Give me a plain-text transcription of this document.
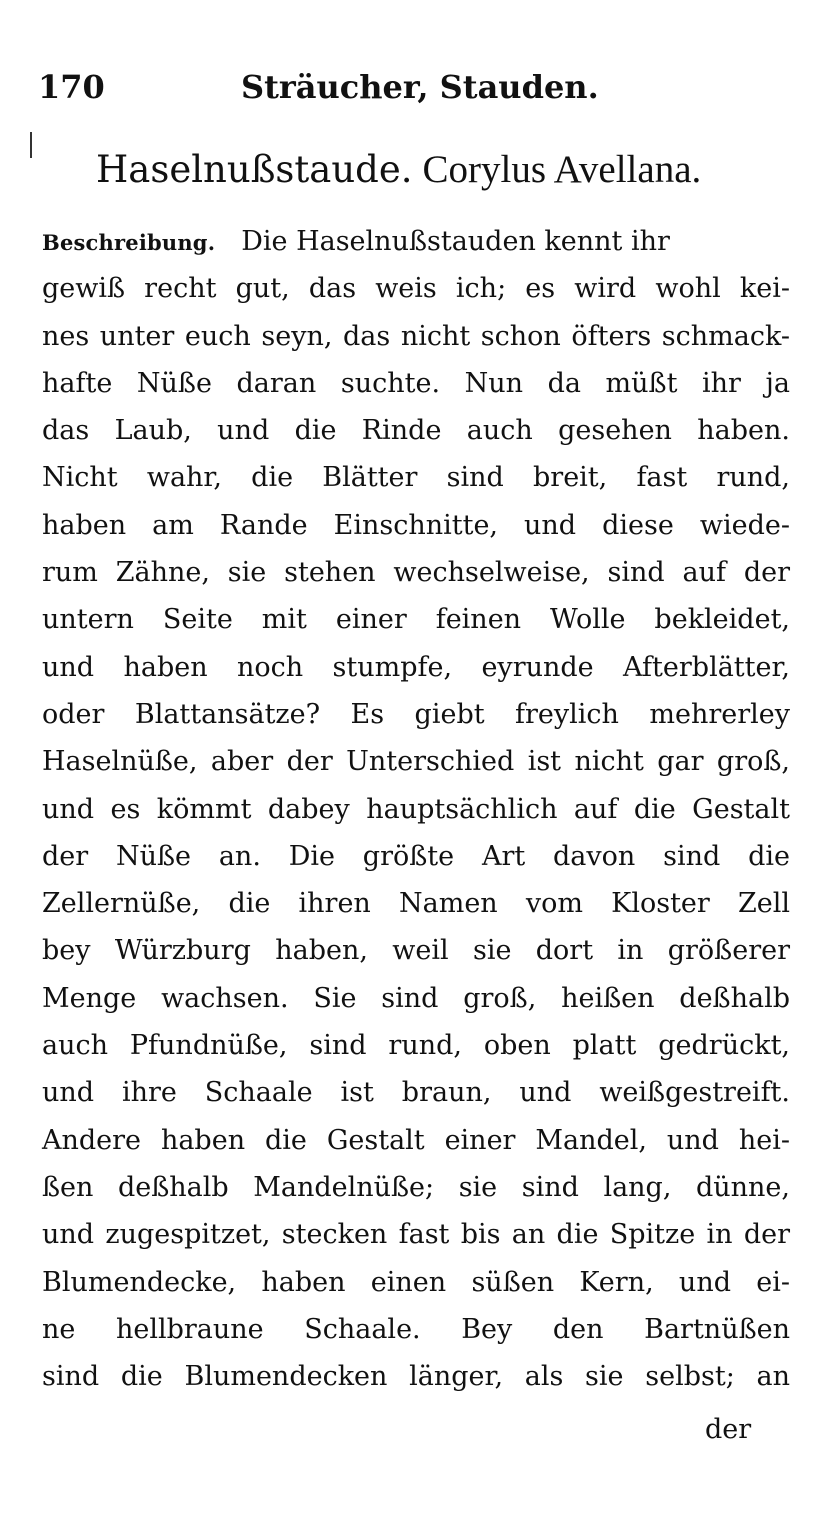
170	Sträucher, Stauden.
Haselnußstaude. Corylus Avellana.
Beschreibung. Die Haselnußstauden kennt ihr
gewiß recht gut, das weis ich; es wird wohl kei-
nes unter euch seyn, das nicht schon öfters schmack-
hafte Nüße daran suchte. Nun da müßt ihr ja
das Laub, und die Rinde auch gesehen haben.
Nicht wahr, die Blätter sind breit, fast rund,
haben am Rande Einschnitte, und diese wiede-
rum Zähne, sie stehen wechselweise, sind auf der
untern Seite mit einer feinen Wolle bekleidet,
und haben noch stumpfe, eyrunde Afterblätter,
oder Blattansätze? Es giebt freylich mehrerley
Haselnüße, aber der Unterschied ist nicht gar groß,
und es kömmt dabey hauptsächlich auf die Gestalt
der Nüße an. Die größte Art davon sind die
Zellernüße, die ihren Namen vom Kloster Zell
bey Würzburg haben, weil sie dort in größerer
Menge wachsen. Sie sind groß, heißen deßhalb
auch Pfundnüße, sind rund, oben platt gedrückt,
und ihre Schaale ist braun, und weißgestreift.
Andere haben die Gestalt einer Mandel, und hei-
ßen deßhalb Mandelnüße; sie sind lang, dünne,
und zugespitzet, stecken fast bis an die Spitze in der
Blumendecke, haben einen süßen Kern, und ei-
ne hellbraune Schaale. Bey den Bartnüßen
sind die Blumendecken länger, als sie selbst; an
der
